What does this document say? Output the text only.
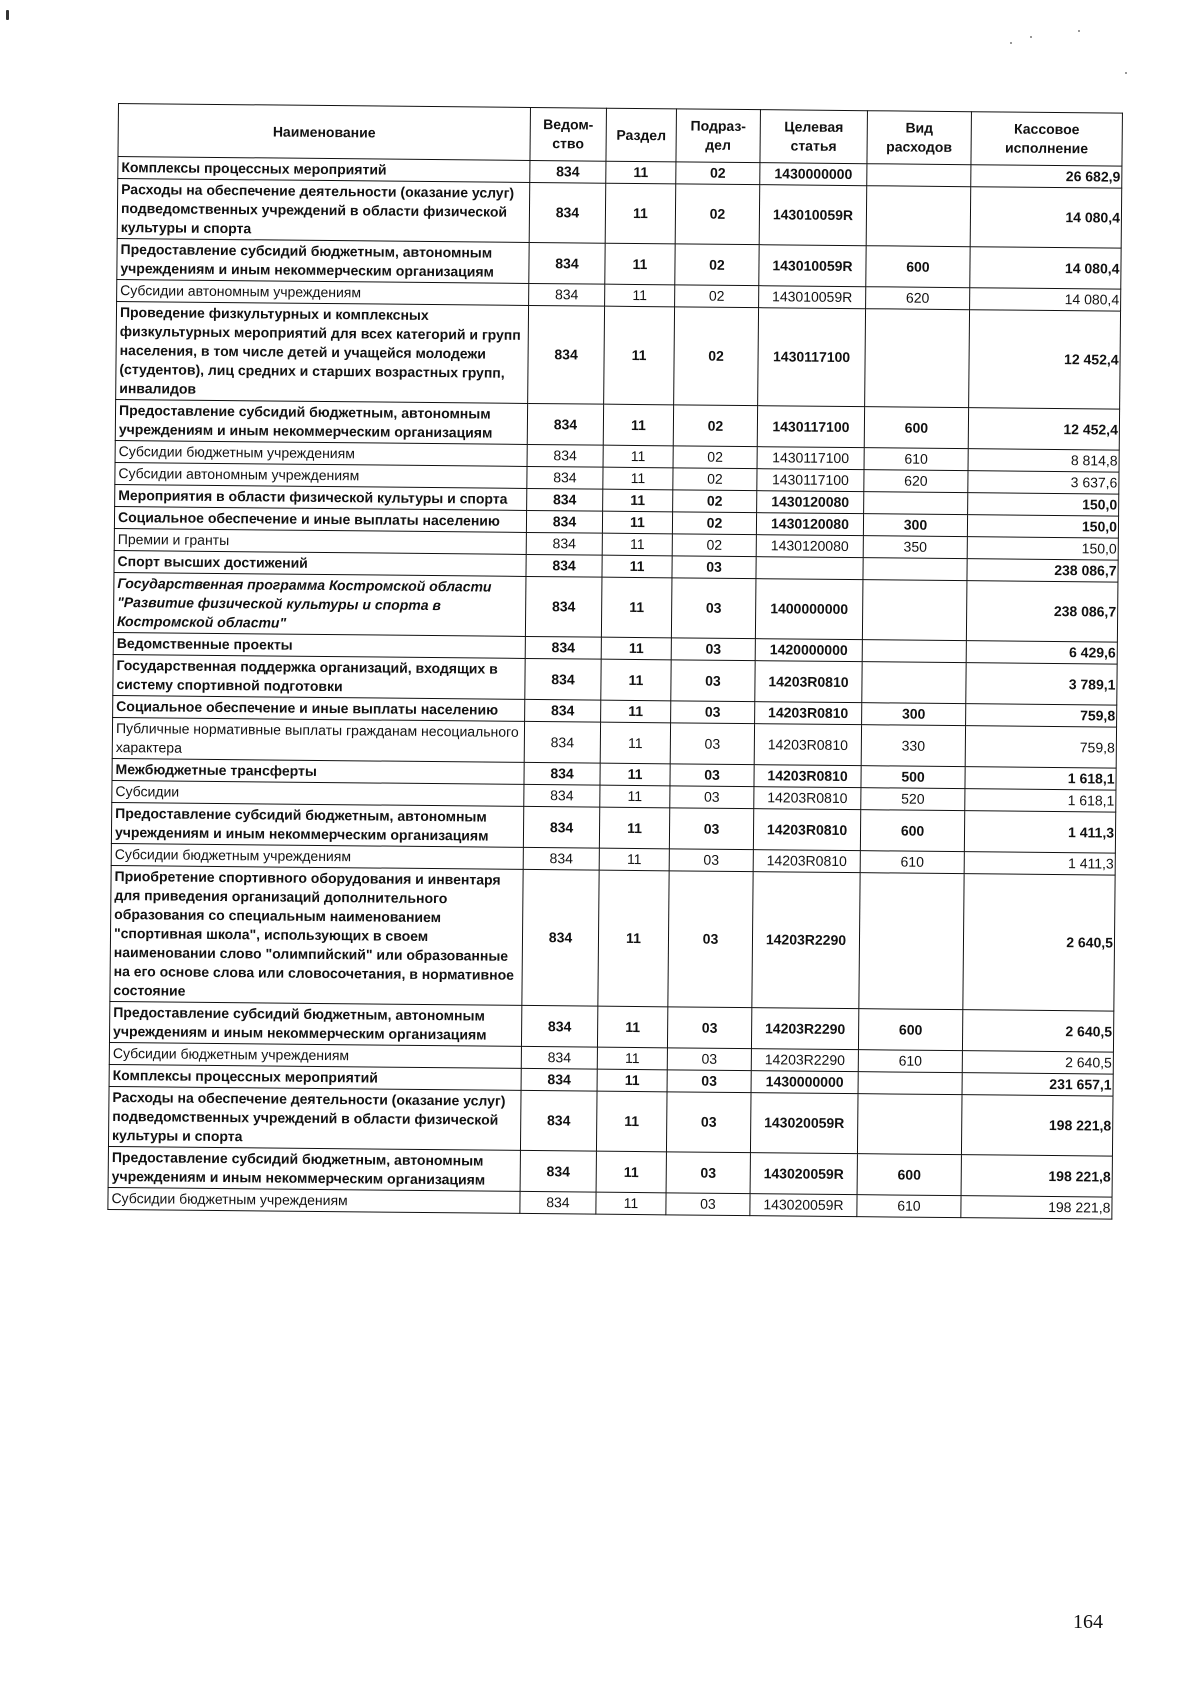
Наименование	Ведом-ство	Раздел	Подраз-дел	Целевая статья	Вид расходов	Кассовое исполнение
Комплексы процессных мероприятий	834	11	02	1430000000		26 682,9
Расходы на обеспечение деятельности (оказание услуг) подведомственных учреждений в области физической культуры и спорта	834	11	02	143010059R		14 080,4
Предоставление субсидий бюджетным, автономным учреждениям и иным некоммерческим организациям	834	11	02	143010059R	600	14 080,4
Субсидии автономным учреждениям	834	11	02	143010059R	620	14 080,4
Проведение физкультурных и комплексных физкультурных мероприятий для всех категорий и групп населения, в том числе детей и учащейся молодежи (студентов), лиц средних и старших возрастных групп, инвалидов	834	11	02	1430117100		12 452,4
Предоставление субсидий бюджетным, автономным учреждениям и иным некоммерческим организациям	834	11	02	1430117100	600	12 452,4
Субсидии бюджетным учреждениям	834	11	02	1430117100	610	8 814,8
Субсидии автономным учреждениям	834	11	02	1430117100	620	3 637,6
Мероприятия в области физической культуры и спорта	834	11	02	1430120080		150,0
Социальное обеспечение и иные выплаты населению	834	11	02	1430120080	300	150,0
Премии и гранты	834	11	02	1430120080	350	150,0
Спорт высших достижений	834	11	03			238 086,7
Государственная программа Костромской области "Развитие физической культуры и спорта в Костромской области"	834	11	03	1400000000		238 086,7
Ведомственные проекты	834	11	03	1420000000		6 429,6
Государственная поддержка организаций, входящих в систему спортивной подготовки	834	11	03	14203R0810		3 789,1
Социальное обеспечение и иные выплаты населению	834	11	03	14203R0810	300	759,8
Публичные нормативные выплаты гражданам несоциального характера	834	11	03	14203R0810	330	759,8
Межбюджетные трансферты	834	11	03	14203R0810	500	1 618,1
Субсидии	834	11	03	14203R0810	520	1 618,1
Предоставление субсидий бюджетным, автономным учреждениям и иным некоммерческим организациям	834	11	03	14203R0810	600	1 411,3
Субсидии бюджетным учреждениям	834	11	03	14203R0810	610	1 411,3
Приобретение спортивного оборудования и инвентаря для приведения организаций дополнительного образования со специальным наименованием "спортивная школа", использующих в своем наименовании слово "олимпийский" или образованные на его основе слова или словосочетания, в нормативное состояние	834	11	03	14203R2290		2 640,5
Предоставление субсидий бюджетным, автономным учреждениям и иным некоммерческим организациям	834	11	03	14203R2290	600	2 640,5
Субсидии бюджетным учреждениям	834	11	03	14203R2290	610	2 640,5
Комплексы процессных мероприятий	834	11	03	1430000000		231 657,1
Расходы на обеспечение деятельности (оказание услуг) подведомственных учреждений в области физической культуры и спорта	834	11	03	143020059R		198 221,8
Предоставление субсидий бюджетным, автономным учреждениям и иным некоммерческим организациям	834	11	03	143020059R	600	198 221,8
Субсидии бюджетным учреждениям	834	11	03	143020059R	610	198 221,8
164
